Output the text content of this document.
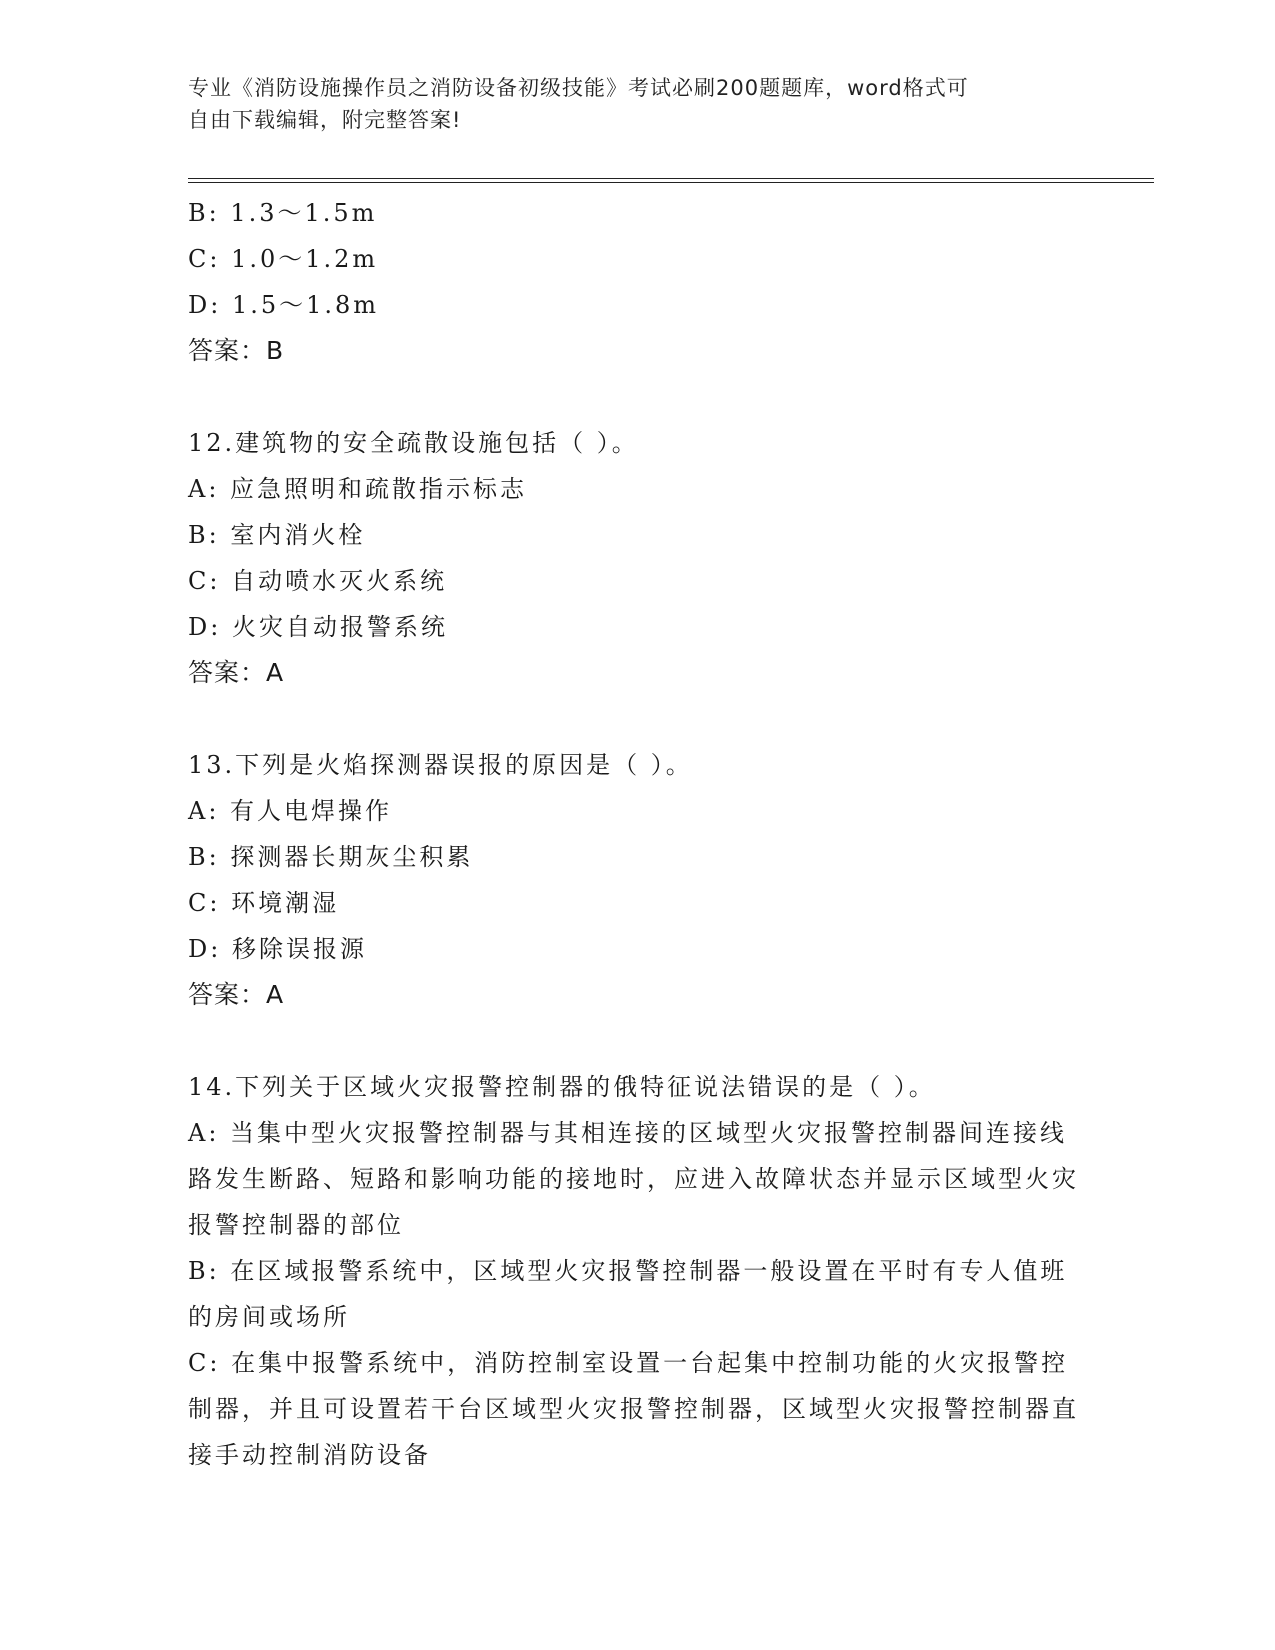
专业《消防设施操作员之消防设备初级技能》考试必刷200题题库，word格式可
自由下载编辑，附完整答案!
B: 1.3～1.5m
C: 1.0～1.2m
D: 1.5～1.8m
答案：B
12.建筑物的安全疏散设施包括（ ）。
A: 应急照明和疏散指示标志
B: 室内消火栓
C: 自动喷水灭火系统
D: 火灾自动报警系统
答案：A
13.下列是火焰探测器误报的原因是（ ）。
A: 有人电焊操作
B: 探测器长期灰尘积累
C: 环境潮湿
D: 移除误报源
答案：A
14.下列关于区域火灾报警控制器的俄特征说法错误的是（ ）。
A: 当集中型火灾报警控制器与其相连接的区域型火灾报警控制器间连接线路发生断路、短路和影响功能的接地时，应进入故障状态并显示区域型火灾报警控制器的部位
B: 在区域报警系统中，区域型火灾报警控制器一般设置在平时有专人值班的房间或场所
C: 在集中报警系统中，消防控制室设置一台起集中控制功能的火灾报警控制器，并且可设置若干台区域型火灾报警控制器，区域型火灾报警控制器直接手动控制消防设备
